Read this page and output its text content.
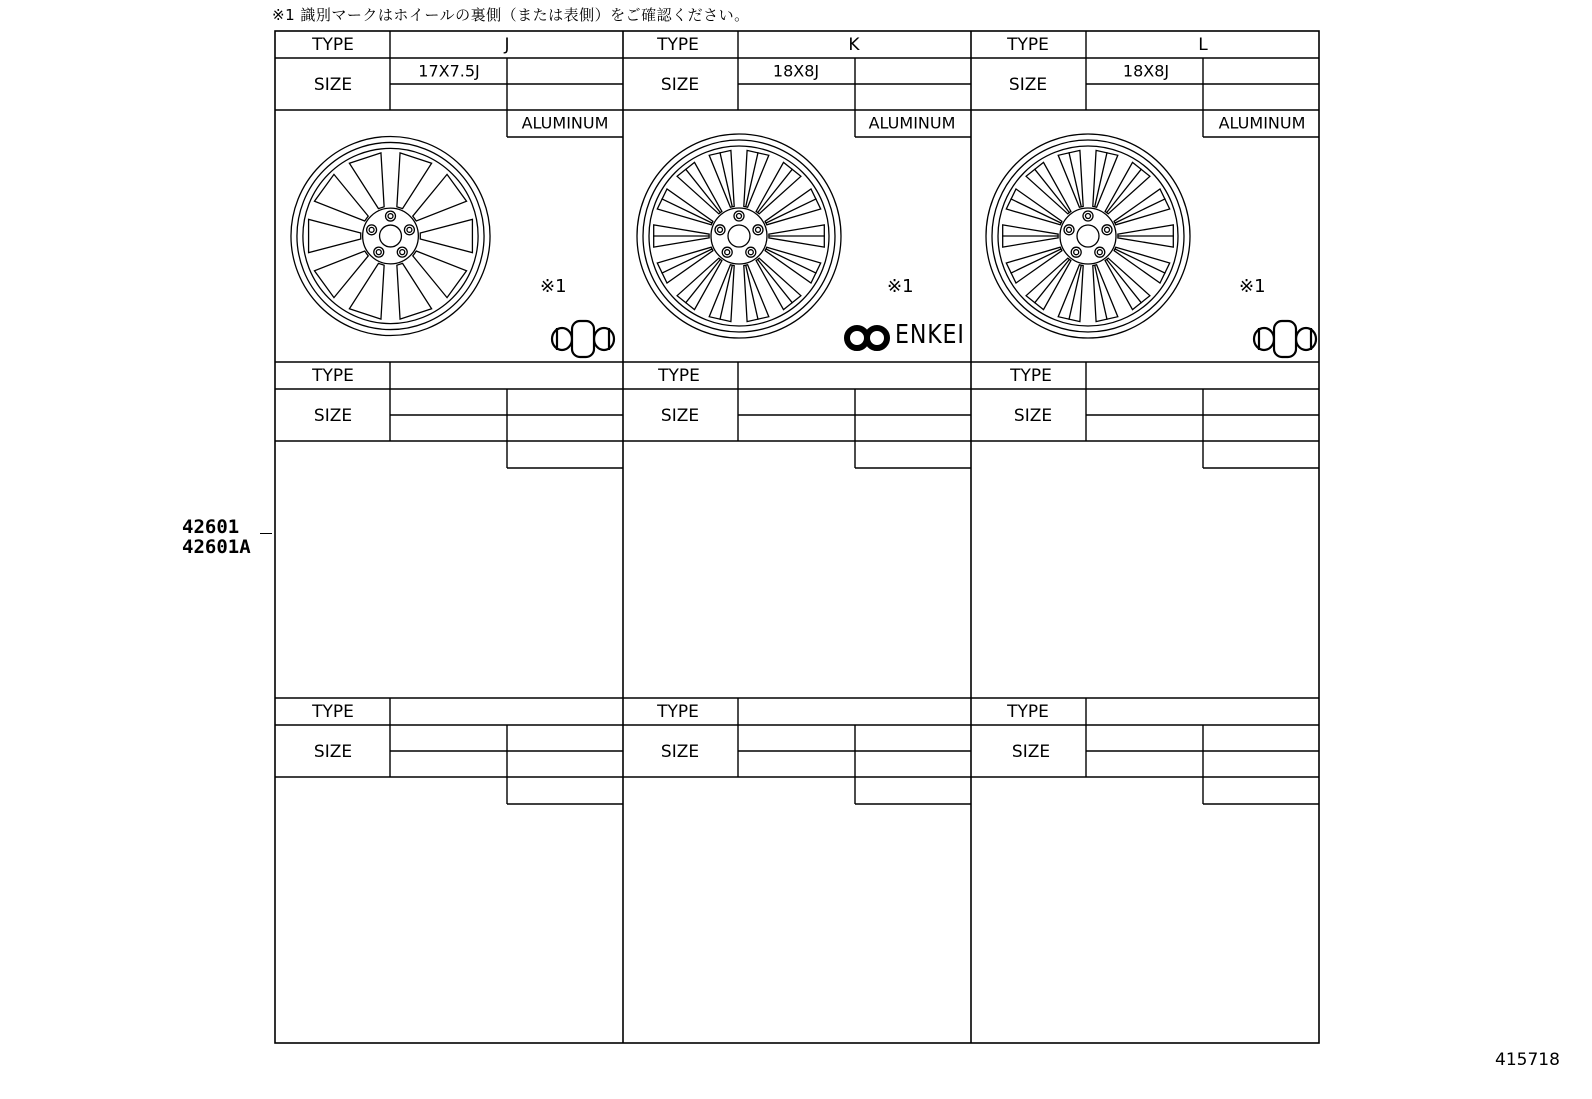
※1 識別マークはホイールの裏側（または表側）をご確認ください。
TYPE
SIZE
J
17X7.5J
ALUMINUM
TYPE
SIZE
K
18X8J
ALUMINUM
TYPE
SIZE
L
18X8J
ALUMINUM
TYPE
SIZE
TYPE
SIZE
TYPE
SIZE
TYPE
SIZE
TYPE
SIZE
TYPE
SIZE
※1	※1	※1
ENKEI
42601
42601A
415718
